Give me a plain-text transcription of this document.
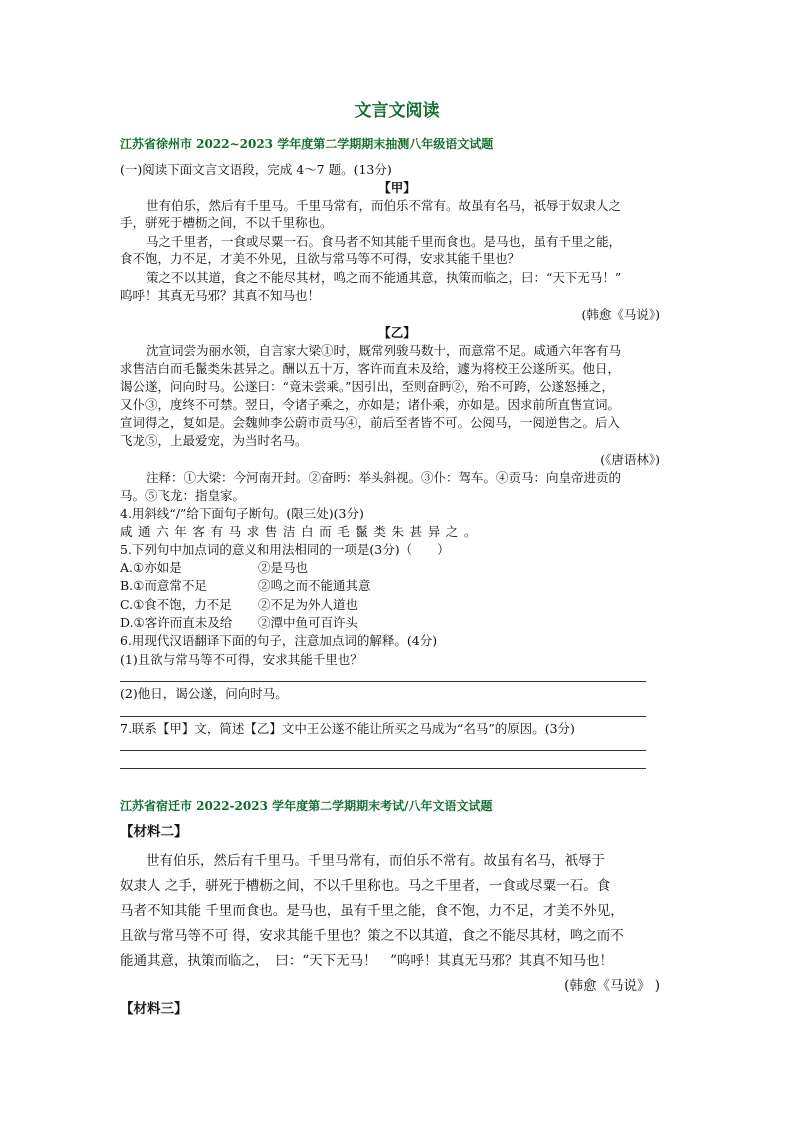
文言文阅读
江苏省徐州市 2022~2023 学年度第二学期期末抽测八年级语文试题
(一)阅读下面文言文语段，完成 4～7 题。(13分)
【甲】
世有伯乐，然后有千里马。千里马常有，而伯乐不常有。故虽有名马，祇辱于奴隶人之
手，骈死于槽枥之间，不以千里称也。
马之千里者，一食或尽粟一石。食马者不知其能千里而食也。是马也，虽有千里之能，
食不饱，力不足，才美不外见，且欲与常马等不可得，安求其能千里也？
策之不以其道，食之不能尽其材，鸣之而不能通其意，执策而临之，曰：“天下无马！”
呜呼！其真无马邪？其真不知马也！
(韩愈《马说》)
【乙】
沈宣词尝为丽水领，自言家大梁①时，厩常列骏马数十，而意常不足。咸通六年客有马
求售洁白而毛鬣类朱甚异之。酬以五十万，客许而直未及给，遽为将校王公遂所买。他日，
谒公遂，问向时马。公遂曰：“竟未尝乘。”因引出，至则奋眄②，殆不可跨，公遂怒捶之，
又仆③，度终不可禁。翌日，令诸子乘之，亦如是；诸仆乘，亦如是。因求前所直售宣词。
宣词得之，复如是。会魏帅李公蔚市贡马④，前后至者皆不可。公阅马，一阅逆售之。后入
飞龙⑤，上最爱宠，为当时名马。
(《唐语林》)
注释：①大梁：今河南开封。②奋眄：举头斜视。③仆：驾车。④贡马：向皇帝进贡的
马。⑤飞龙：指皇家。
4.用斜线“/”给下面句子断句。(限三处)(3分)
咸通六年客有马求售洁白而毛鬣类朱甚异之。
5.下列句中加点词的意义和用法相同的一项是(3分)（　　）
A.①亦如是	②是马也
B.①而意常不足	②鸣之而不能通其意
C.①食不饱，力不足 ②不足为外人道也
D.①客许而直未及给 ②潭中鱼可百许头
6.用现代汉语翻译下面的句子，注意加点词的解释。(4分)
(1)且欲与常马等不可得，安求其能千里也？
(2)他日，谒公遂，问向时马。
7.联系【甲】文，简述【乙】文中王公遂不能让所买之马成为“名马”的原因。(3分)
江苏省宿迁市 2022-2023 学年度第二学期期末考试/八年文语文试题
【材料二】
世有伯乐，然后有千里马。千里马常有，而伯乐不常有。故虽有名马，祇辱于
奴隶人 之手，骈死于槽枥之间，不以千里称也。马之千里者，一食或尽粟一石。食
马者不知其能 千里而食也。是马也，虽有千里之能，食不饱，力不足，才美不外见，
且欲与常马等不可 得，安求其能千里也？策之不以其道，食之不能尽其材，鸣之而不
能通其意，执策而临之，　曰：“天下无马！　”呜呼！其真无马邪？其真不知马也！
(韩愈《马说》 )
【材料三】
